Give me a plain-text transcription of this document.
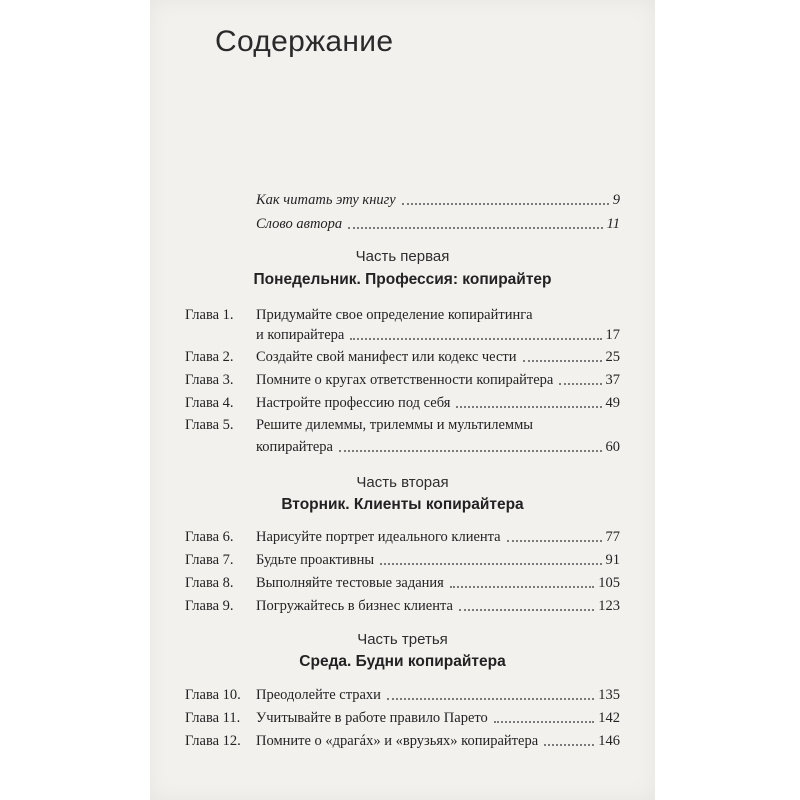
Содержание
Как читать эту книгу	9
Слово автора	11
Часть первая
Понедельник. Профессия: копирайтер
Глава 1. Придумайте свое определение копирайтинга
и копирайтера	17
Глава 2.	Создайте свой манифест или кодекс чести	25
Глава 3.	Помните о кругах ответственности копирайтера	37
Глава 4.	Настройте профессию под себя	49
Глава 5. Решите дилеммы, трилеммы и мультилеммы
копирайтера	60
Часть вторая
Вторник. Клиенты копирайтера
Глава 6.	Нарисуйте портрет идеального клиента	77
Глава 7.	Будьте проактивны	91
Глава 8.	Выполняйте тестовые задания	105
Глава 9.	Погружайтесь в бизнес клиента	123
Часть третья
Среда. Будни копирайтера
Глава 10.	Преодолейте страхи	135
Глава 11.	Учитывайте в работе правило Парето	142
Глава 12.	Помните о «драгáх» и «врузьях» копирайтера	146
